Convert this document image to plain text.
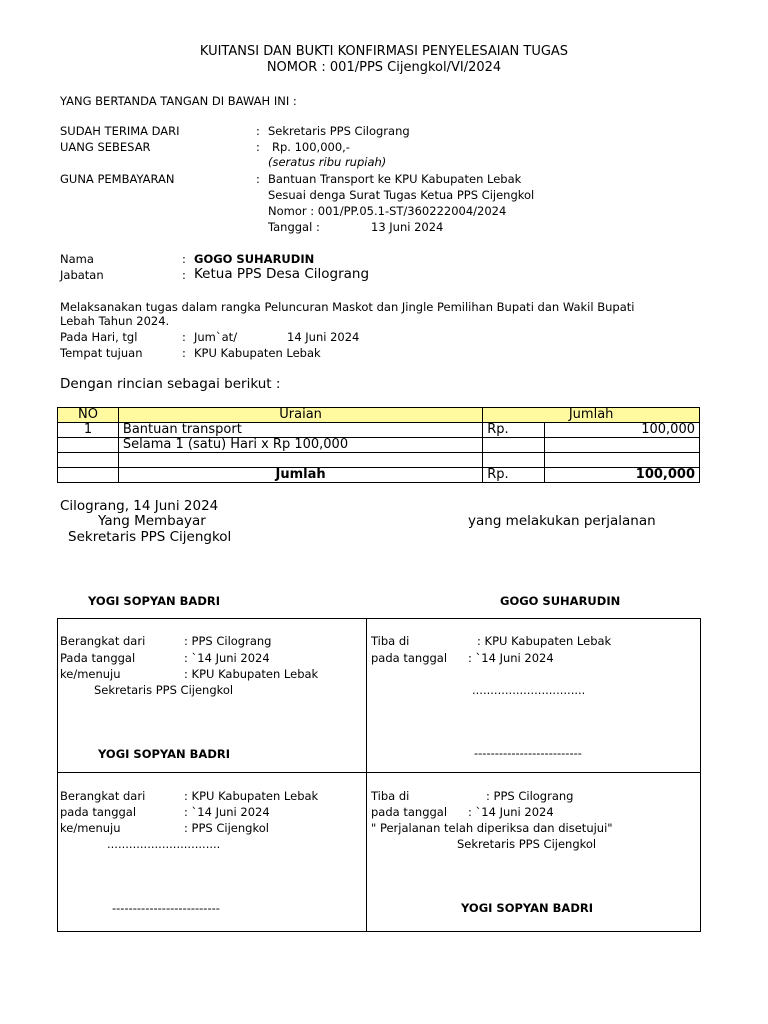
KUITANSI DAN BUKTI KONFIRMASI PENYELESAIAN TUGAS
NOMOR : 001/PPS Cijengkol/VI/2024
YANG BERTANDA TANGAN DI BAWAH INI :
SUDAH TERIMA DARI	: Sekretaris PPS Cilograng
UANG SEBESAR	: Rp. 100,000,-
(seratus ribu rupiah)
GUNA PEMBAYARAN	: Bantuan Transport ke KPU Kabupaten Lebak
Sesuai denga Surat Tugas Ketua PPS Cijengkol
Nomor : 001/PP.05.1-ST/360222004/2024
Tanggal :	13 Juni 2024
Nama	: GOGO SUHARUDIN
Jabatan	: Ketua PPS Desa Cilograng
Melaksanakan tugas dalam rangka Peluncuran Maskot dan Jingle Pemilihan Bupati dan Wakil Bupati
Lebah Tahun 2024.
Pada Hari, tgl	: Jum`at/	14 Juni 2024
Tempat tujuan	: KPU Kabupaten Lebak
Dengan rincian sebagai berikut :
NO	Uraian	Jumlah	
1	Bantuan transport	Rp.	100,000
	Selama 1 (satu) Hari x Rp 100,000		

	Jumlah	Rp.	100,000
Cilograng, 14 Juni 2024
Yang Membayar
Sekretaris PPS Cijengkol
yang melakukan perjalanan
YOGI SOPYAN BADRI	GOGO SUHARUDIN
Berangkat dari	: PPS Cilograng
Pada tanggal	: `14 Juni 2024
ke/menuju	: KPU Kabupaten Lebak
Sekretaris PPS Cijengkol
YOGI SOPYAN BADRI
Tiba di	: KPU Kabupaten Lebak
pada tanggal : `14 Juni 2024
...............................
--------------------------
Berangkat dari	: KPU Kabupaten Lebak
pada tanggal	: `14 Juni 2024
ke/menuju	: PPS Cijengkol
...............................
--------------------------
Tiba di	: PPS Cilograng
pada tanggal : `14 Juni 2024
" Perjalanan telah diperiksa dan disetujui"
Sekretaris PPS Cijengkol
YOGI SOPYAN BADRI
